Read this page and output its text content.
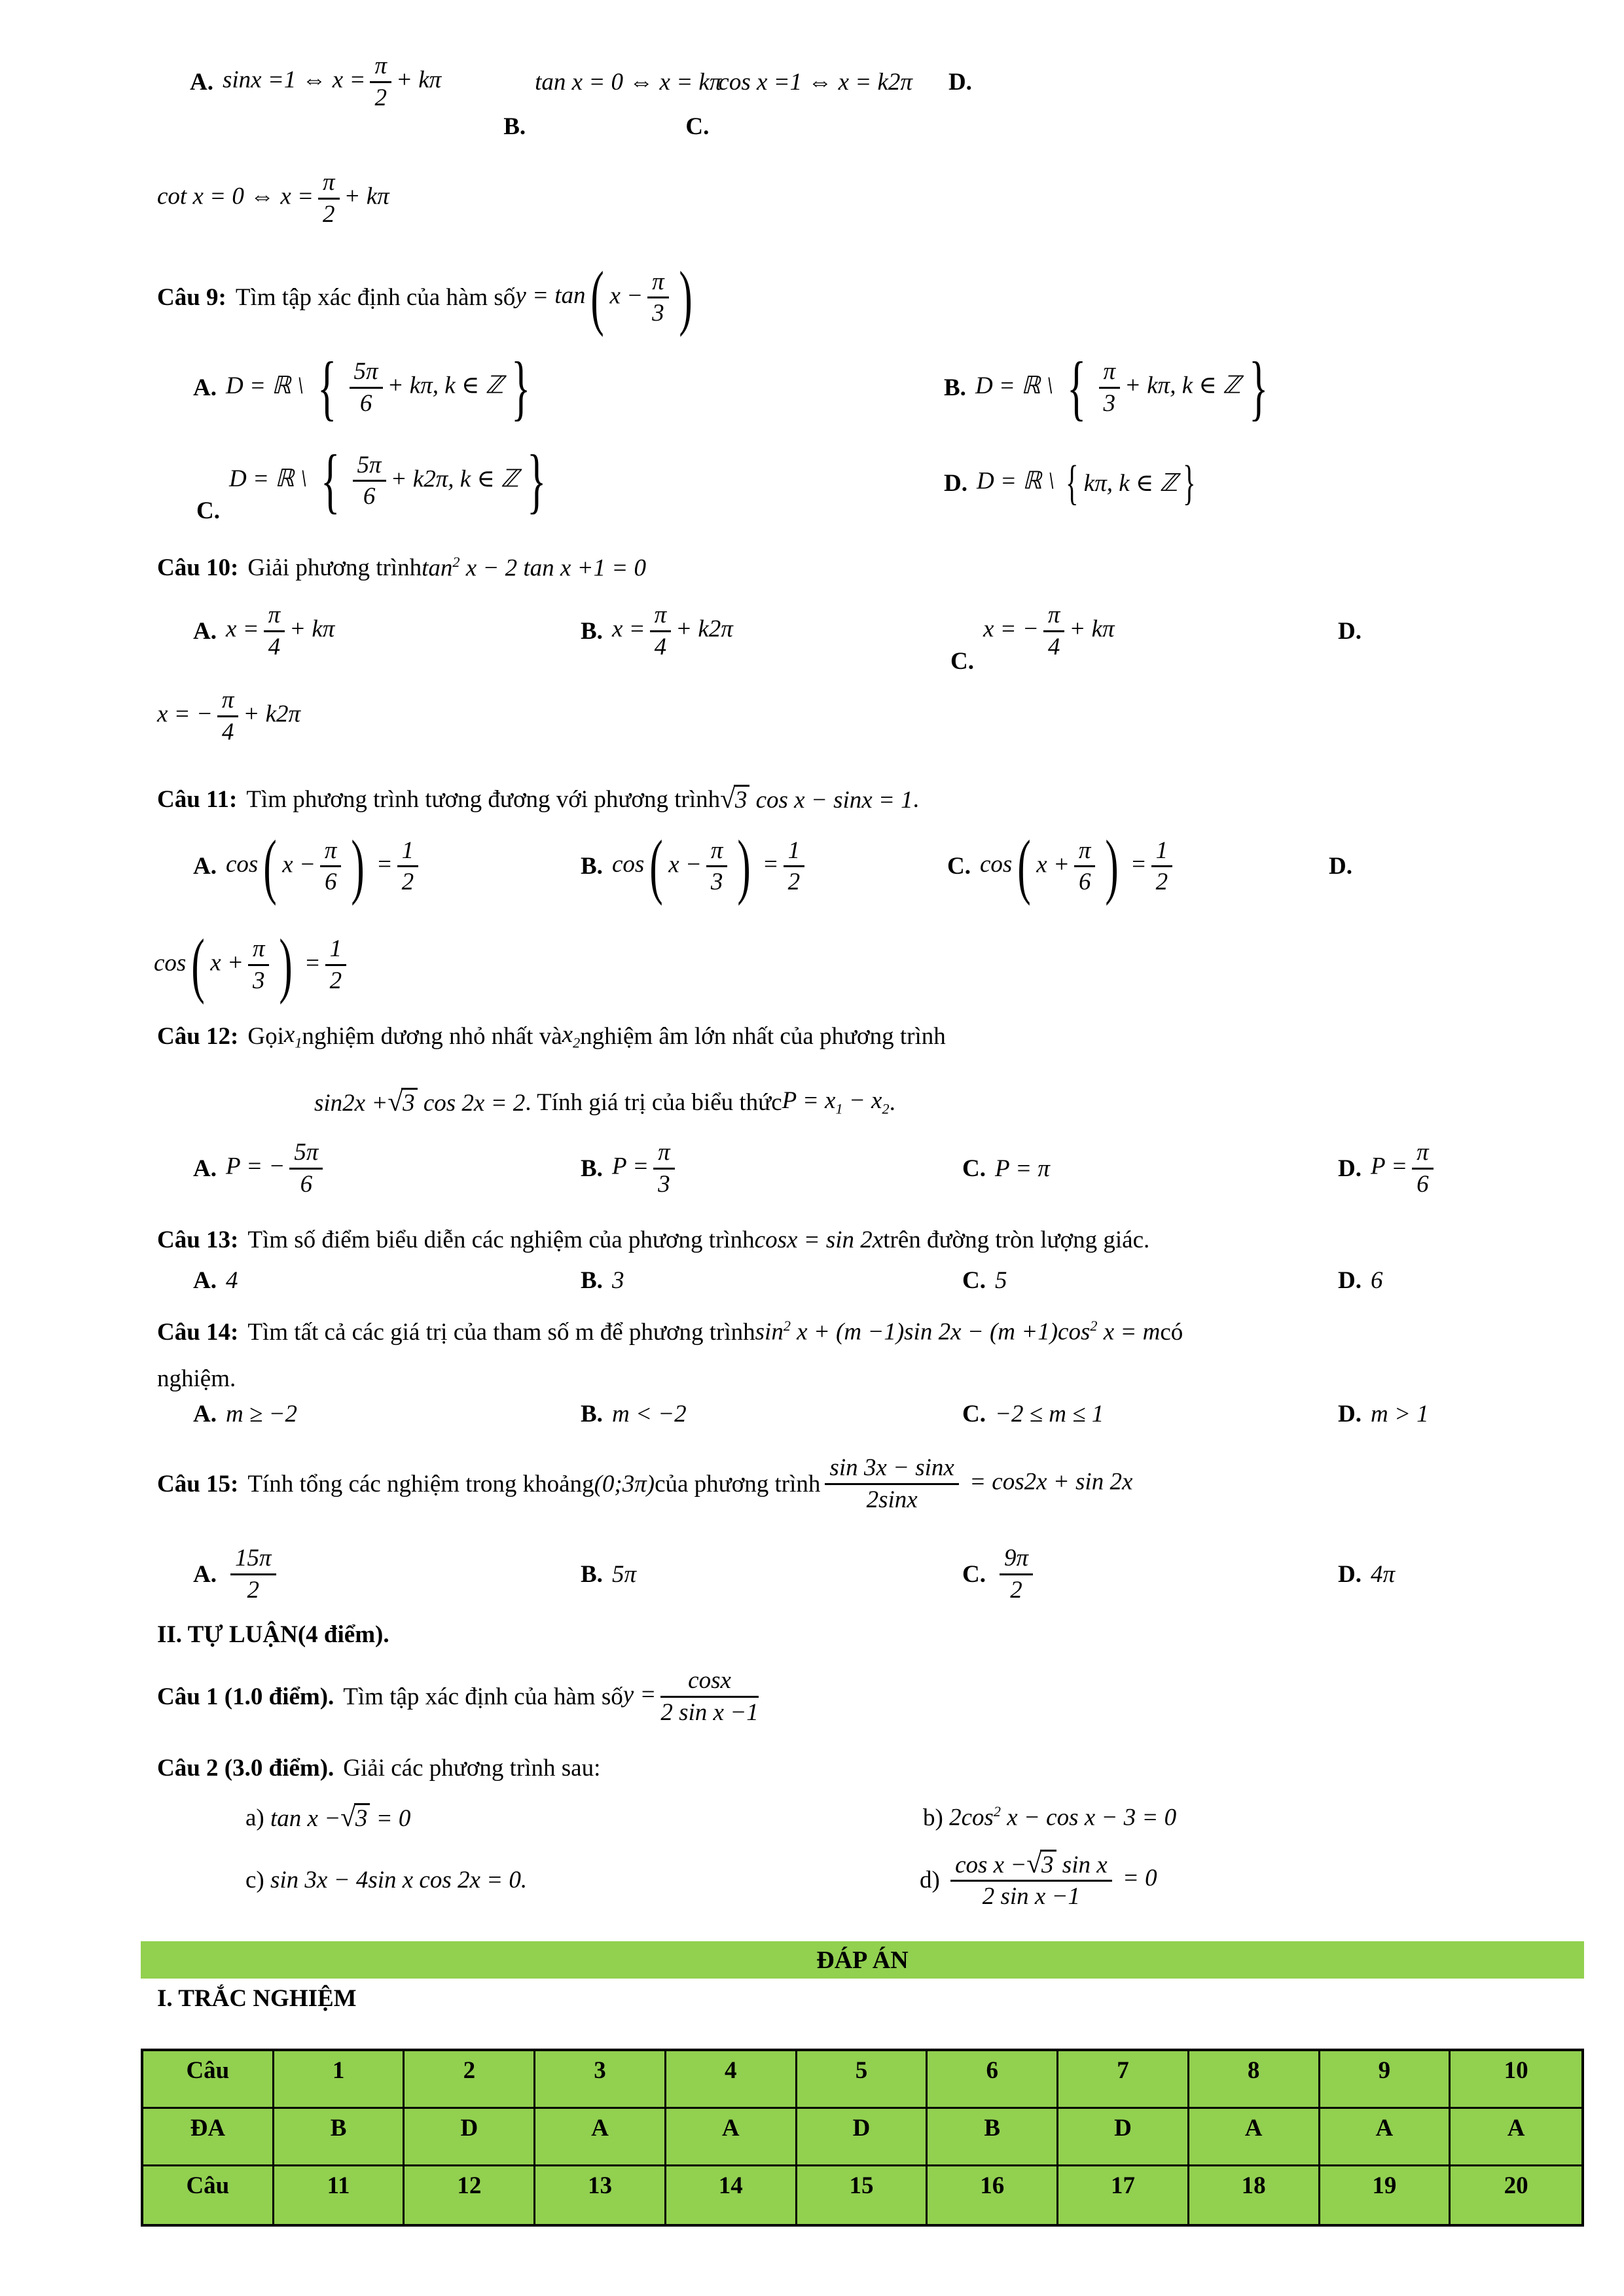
A. sinx =1 ⇔ $x = \frac{\pi}{2} + k\pi$
B.
tan x = 0 ⇔ x = kπ
C.
cos x =1 ⇔ x = k2π D.
cot x = 0 ⇔ $x = \frac{\pi}{2} + k\pi$
Câu 9: Tìm tập xác định của hàm số y = tan ( $x - \frac{\pi}{3}$ )
A. D = ℝ \ { $\frac{5\pi}{6} + k\pi$, k ∈ ℤ }	B. D = ℝ \ { $\frac{\pi}{3} + k\pi$, k ∈ ℤ }
C.
D = ℝ \ { $\frac{5\pi}{6} + k2\pi$, k ∈ ℤ }	D. D = ℝ \ { kπ, k ∈ ℤ }
Câu 10: Giải phương trình $\tan^2 x - 2$ tan x +1 = 0
A. $x = \frac{\pi}{4} + k\pi$	B. $x = \frac{\pi}{4} + k2\pi$
C.
x = − $\frac{\pi}{4} + k\pi$	D.
x = − $\frac{\pi}{4} + k2\pi$
Câu 11: Tìm phương trình tương đương với phương trình √3 cos x − sinx = 1 .
A. cos ( $x - \frac{\pi}{6}$ ) = $\frac{1}{2}$	B. cos ( $x - \frac{\pi}{3}$ ) = $\frac{1}{2}$	C. cos ( $x + \frac{\pi}{6}$ ) = $\frac{1}{2}$	D.
cos ( $x + \frac{\pi}{3}$ ) = $\frac{1}{2}$
Câu 12: Gọi $x_1$ nghiệm dương nhỏ nhất và $x_2$ nghiệm âm lớn nhất của phương trình
sin2x +√3 cos 2x = 2 . Tính giá trị của biểu thức $P = x_1 - x_2$ .
A. P = − $\frac{5\pi}{6}$	B. $P = \frac{\pi}{3}$	C. P = π	D. $P = \frac{\pi}{6}$
Câu 13: Tìm số điểm biểu diễn các nghiệm của phương trình cosx = sin 2x trên đường tròn lượng giác.
A. 4	B. 3	C. 5	D. 6
Câu 14: Tìm tất cả các giá trị của tham số m để phương trình $\sin^2 x + (m -1)\sin$ $2x - (m +1)\cos^2$ x = m có
nghiệm.
A. m ≥ −2	B. m < −2	C. −2 ≤ m ≤ 1	D. m > 1
Câu 15: Tính tổng các nghiệm trong khoảng (0;3π) của phương trình $\frac{\sin 3x - \sin x}{2\sin x} = \cos 2x + \sin 2x$
A. $\frac{15\pi}{2}$	B. 5π	C. $\frac{9\pi}{2}$	D. 4π
II. TỰ LUẬN(4 điểm).
Câu 1 (1.0 điểm). Tìm tập xác định của hàm số $y = \frac{\cos x}{\text{2 sin x −1}}$
Câu 2 (3.0 điểm). Giải các phương trình sau:
a)
tan x −√3 = 0	b)
$2\cos^2$ x − cos x − 3 = 0
c)
sin 3x − 4sin x cos 2x = 0.	d)
$\frac{\text{cos x −√3 sin x}}{\text{2 sin x −1}} = 0$
ĐÁP ÁN
I. TRẮC NGHIỆM
Câu	1	2	3	4	5	6	7	8	9	10
ĐA	B	D	A	A	D	B	D	A	A	A
Câu	11	12	13	14	15	16	17	18	19	20
